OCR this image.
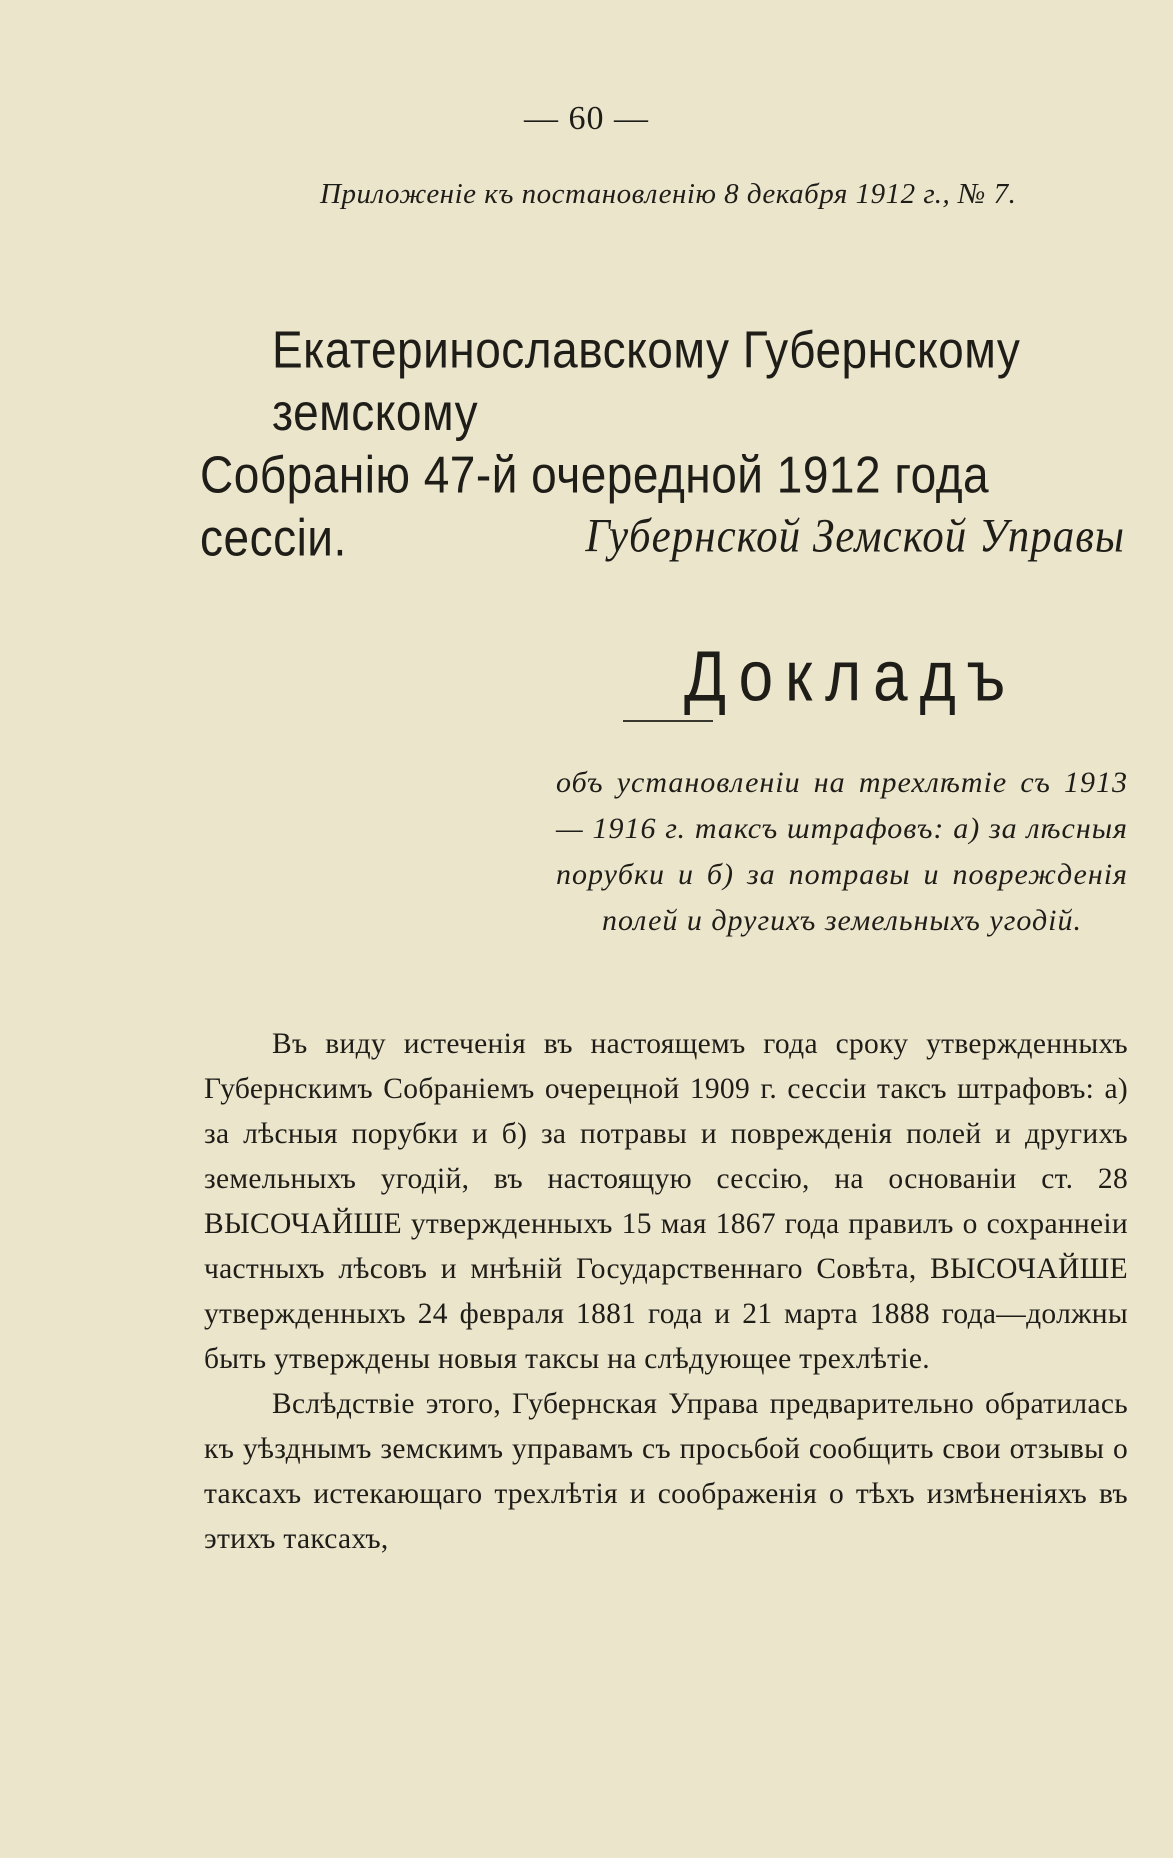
— 60 —
Приложеніе къ постановленію 8 декабря 1912 г., № 7.
Екатеринославскому Губернскому земскому
Собранію 47-й очередной 1912 года сессіи.	Губернской Земской Управы
Докладъ
объ установленіи на трехлѣтіе съ 1913 — 1916 г. таксъ штрафовъ: а) за лѣсныя порубки и б) за потравы и поврежденія полей и другихъ земельныхъ угодій.

Въ виду истеченія въ настоящемъ года сроку утвержденныхъ Губернскимъ Собраніемъ очерецной 1909 г. сессіи таксъ штрафовъ: а) за лѣсныя порубки и б) за потравы и поврежденія полей и другихъ земельныхъ угодій, въ настоящую сессію, на основаніи ст. 28 ВЫСОЧАЙШЕ утвержденныхъ 15 мая 1867 года правилъ о сохраннеіи частныхъ лѣсовъ и мнѣній Государственнаго Совѣта, ВЫСОЧАЙШЕ утвержденныхъ 24 февраля 1881 года и 21 марта 1888 года—должны быть утверждены новыя таксы на слѣдующее трехлѣтіе.

Вслѣдствіе этого, Губернская Управа предварительно обратилась къ уѣзднымъ земскимъ управамъ съ просьбой сообщить свои отзывы о таксахъ истекающаго трехлѣтія и соображенія о тѣхъ измѣненіяхъ въ этихъ таксахъ,
